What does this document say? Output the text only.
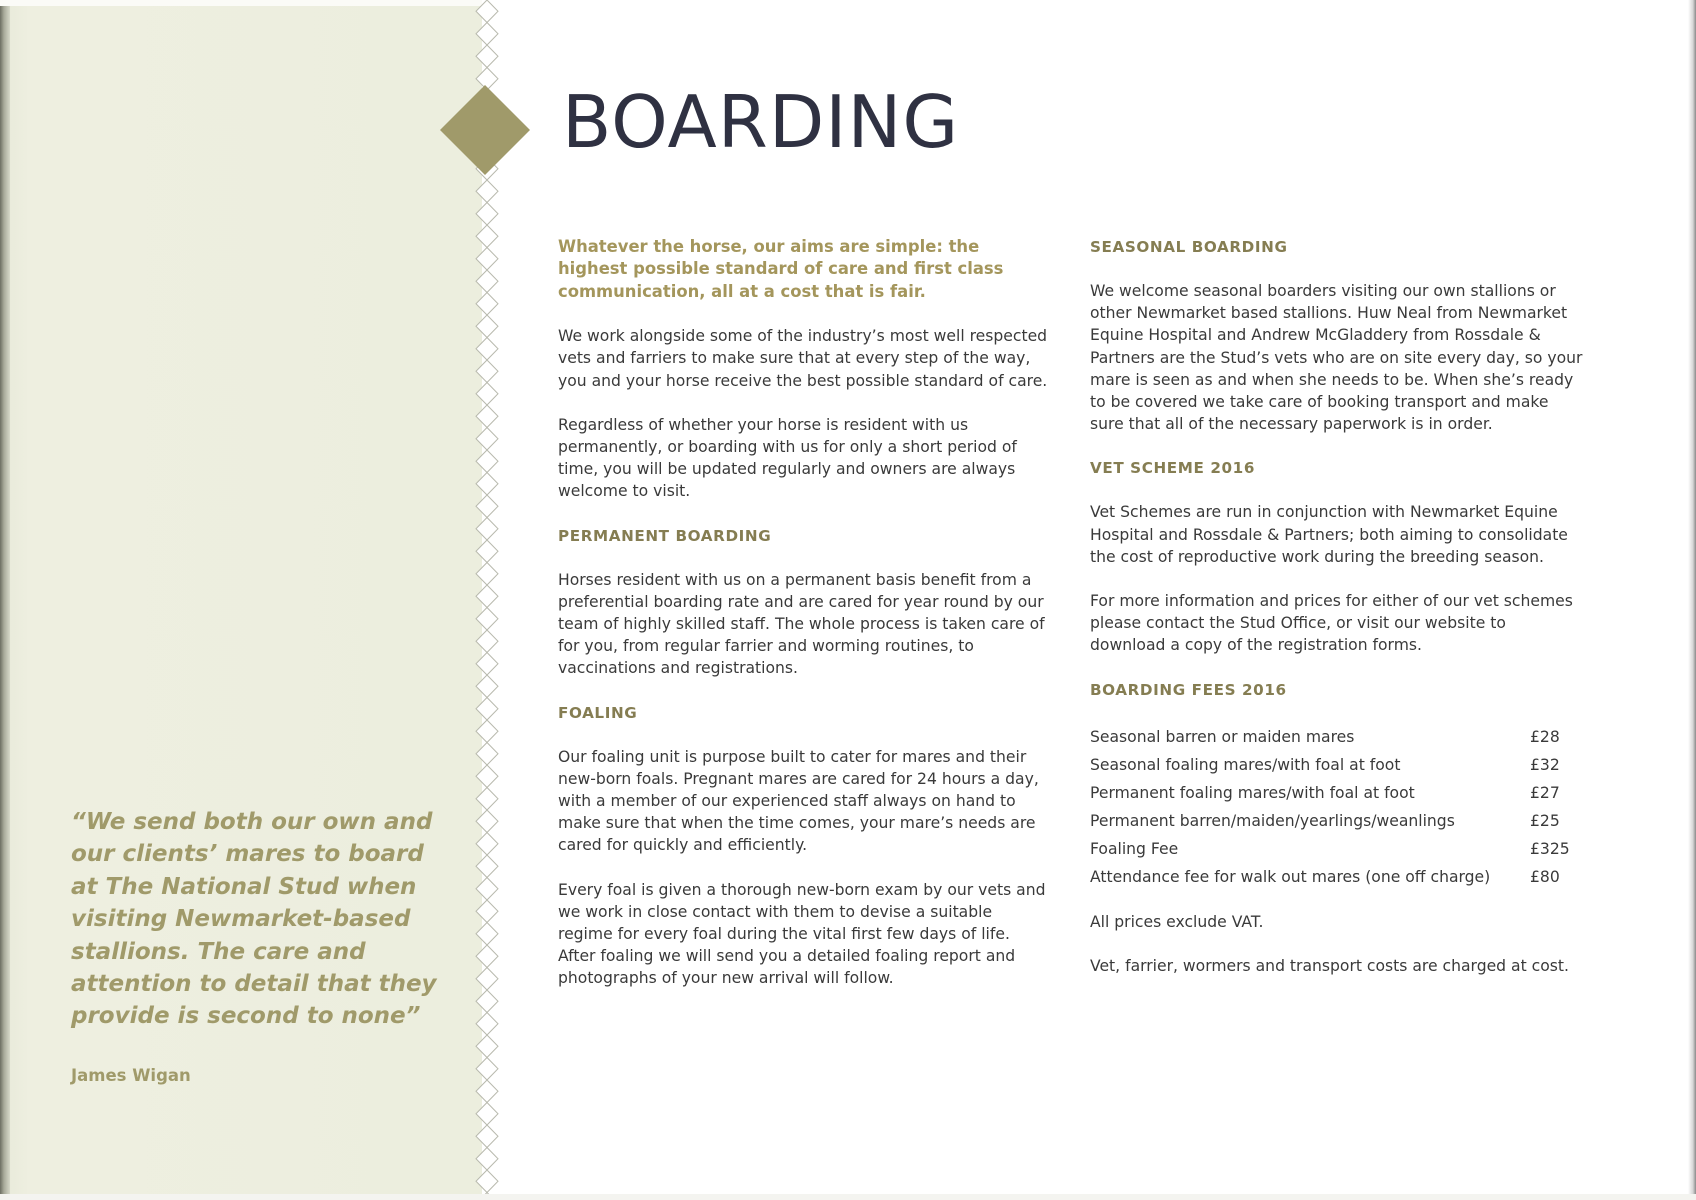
“We send both our own and our clients’ mares to board at The National Stud when visiting Newmarket-based stallions. The care and attention to detail that they provide is second to none”

James Wigan

BOARDING

Whatever the horse, our aims are simple: the highest possible standard of care and first class communication, all at a cost that is fair.

We work alongside some of the industry’s most well respected vets and farriers to make sure that at every step of the way, you and your horse receive the best possible standard of care.

Regardless of whether your horse is resident with us permanently, or boarding with us for only a short period of time, you will be updated regularly and owners are always welcome to visit.

PERMANENT BOARDING

Horses resident with us on a permanent basis benefit from a preferential boarding rate and are cared for year round by our team of highly skilled staff. The whole process is taken care of for you, from regular farrier and worming routines, to vaccinations and registrations.

FOALING

Our foaling unit is purpose built to cater for mares and their new-born foals. Pregnant mares are cared for 24 hours a day, with a member of our experienced staff always on hand to make sure that when the time comes, your mare’s needs are cared for quickly and efficiently.

Every foal is given a thorough new-born exam by our vets and we work in close contact with them to devise a suitable regime for every foal during the vital first few days of life. After foaling we will send you a detailed foaling report and photographs of your new arrival will follow.

SEASONAL BOARDING

We welcome seasonal boarders visiting our own stallions or other Newmarket based stallions. Huw Neal from Newmarket Equine Hospital and Andrew McGladdery from Rossdale & Partners are the Stud’s vets who are on site every day, so your mare is seen as and when she needs to be. When she’s ready to be covered we take care of booking transport and make sure that all of the necessary paperwork is in order.

VET SCHEME 2016

Vet Schemes are run in conjunction with Newmarket Equine Hospital and Rossdale & Partners; both aiming to consolidate the cost of reproductive work during the breeding season.

For more information and prices for either of our vet schemes please contact the Stud Office, or visit our website to download a copy of the registration forms.

BOARDING FEES 2016
Seasonal barren or maiden mares	£28
Seasonal foaling mares/with foal at foot	£32
Permanent foaling mares/with foal at foot	£27
Permanent barren/maiden/yearlings/weanlings	£25
Foaling Fee	£325
Attendance fee for walk out mares (one off charge)	£80

All prices exclude VAT.

Vet, farrier, wormers and transport costs are charged at cost.
